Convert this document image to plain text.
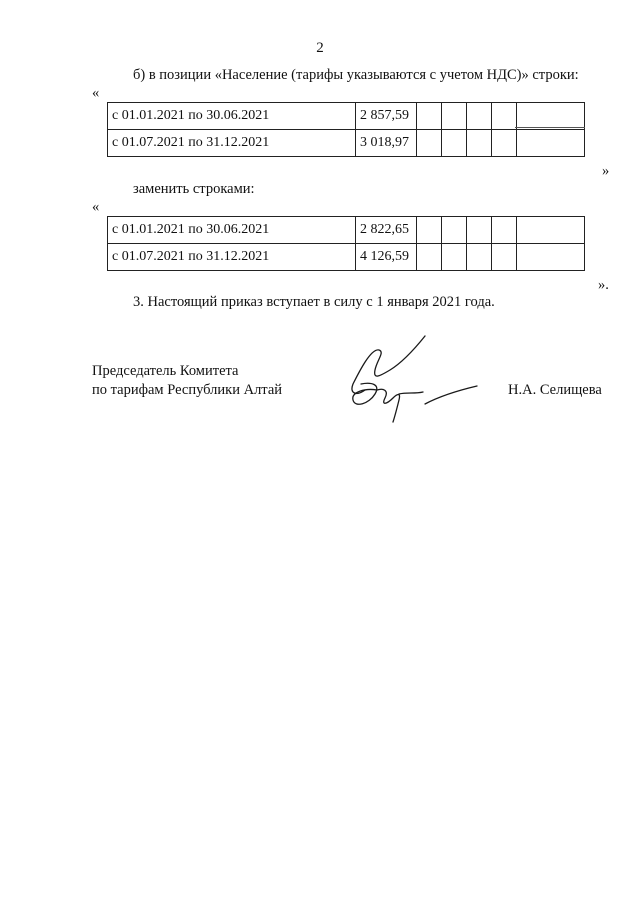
2
б) в позиции «Население (тарифы указываются с учетом НДС)» строки:
«
с 01.01.2021 по 30.06.2021	2 857,59					
с 01.07.2021 по 31.12.2021	3 018,97					
»
заменить строками:
«
с 01.01.2021 по 30.06.2021	2 822,65					
с 01.07.2021 по 31.12.2021	4 126,59					
».
3. Настоящий приказ вступает в силу с 1 января 2021 года.
Председатель Комитета
по тарифам Республики Алтай	Н.А. Селищева
